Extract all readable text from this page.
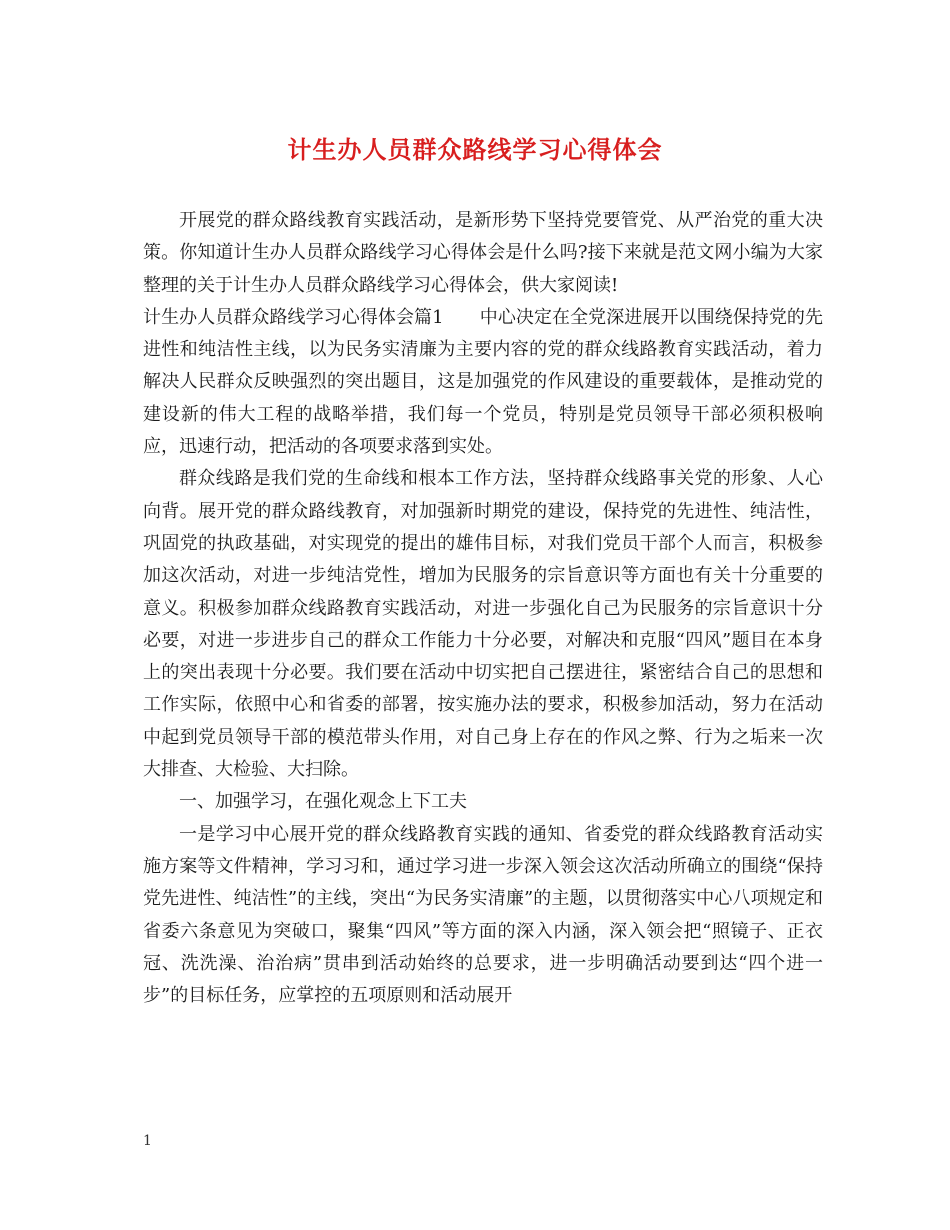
计生办人员群众路线学习心得体会

开展党的群众路线教育实践活动，是新形势下坚持党要管党、从严治党的重大决策。你知道计生办人员群众路线学习心得体会是什么吗?接下来就是范文网小编为大家整理的关于计生办人员群众路线学习心得体会，供大家阅读!

计生办人员群众路线学习心得体会篇1　　中心决定在全党深进展开以围绕保持党的先进性和纯洁性主线，以为民务实清廉为主要内容的党的群众线路教育实践活动，着力解决人民群众反映强烈的突出题目，这是加强党的作风建设的重要载体，是推动党的建设新的伟大工程的战略举措，我们每一个党员，特别是党员领导干部必须积极响应，迅速行动，把活动的各项要求落到实处。

群众线路是我们党的生命线和根本工作方法，坚持群众线路事关党的形象、人心向背。展开党的群众路线教育，对加强新时期党的建设，保持党的先进性、纯洁性，巩固党的执政基础，对实现党的提出的雄伟目标，对我们党员干部个人而言，积极参加这次活动，对进一步纯洁党性，增加为民服务的宗旨意识等方面也有关十分重要的意义。积极参加群众线路教育实践活动，对进一步强化自己为民服务的宗旨意识十分必要，对进一步进步自己的群众工作能力十分必要，对解决和克服“四风”题目在本身上的突出表现十分必要。我们要在活动中切实把自己摆进往，紧密结合自己的思想和工作实际，依照中心和省委的部署，按实施办法的要求，积极参加活动，努力在活动中起到党员领导干部的模范带头作用，对自己身上存在的作风之弊、行为之垢来一次大排查、大检验、大扫除。

一、加强学习，在强化观念上下工夫

一是学习中心展开党的群众线路教育实践的通知、省委党的群众线路教育活动实施方案等文件精神，学习习和，通过学习进一步深入领会这次活动所确立的围绕“保持党先进性、纯洁性”的主线，突出“为民务实清廉”的主题，以贯彻落实中心八项规定和省委六条意见为突破口，聚集“四风”等方面的深入内涵，深入领会把“照镜子、正衣冠、洗洗澡、治治病”贯串到活动始终的总要求，进一步明确活动要到达“四个进一步”的目标任务，应掌控的五项原则和活动展开

1
